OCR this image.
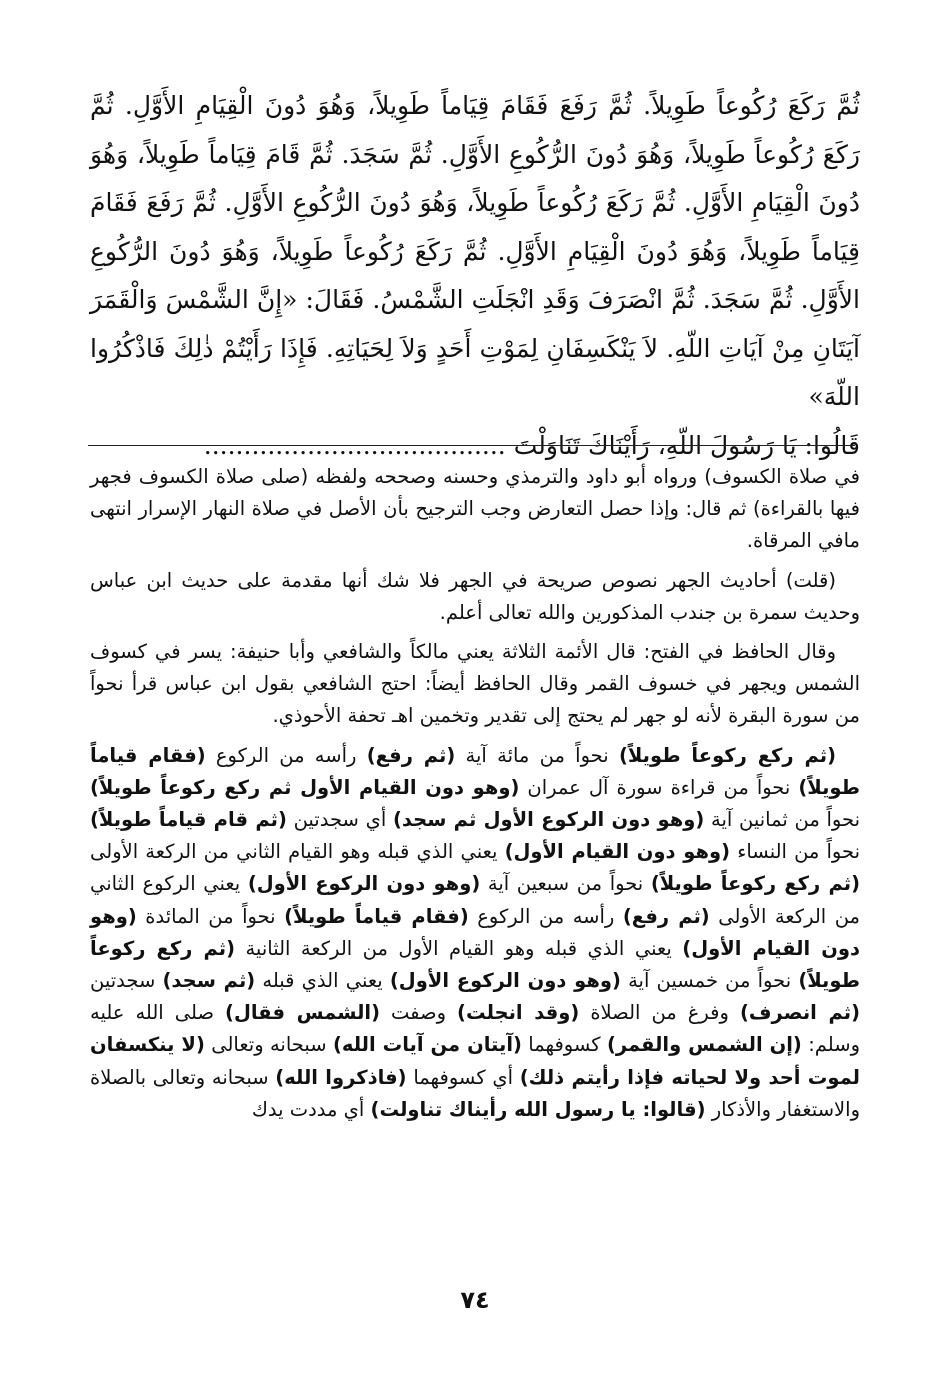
ثُمَّ رَكَعَ رُكُوعاً طَوِيلاً. ثُمَّ رَفَعَ فَقَامَ قِيَاماً طَوِيلاً، وَهُوَ دُونَ الْقِيَامِ الأَوَّلِ. ثُمَّ رَكَعَ رُكُوعاً طَوِيلاً، وَهُوَ دُونَ الرُّكُوعِ الأَوَّلِ. ثُمَّ سَجَدَ. ثُمَّ قَامَ قِيَاماً طَوِيلاً، وَهُوَ دُونَ الْقِيَامِ الأَوَّلِ. ثُمَّ رَكَعَ رُكُوعاً طَوِيلاً، وَهُوَ دُونَ الرُّكُوعِ الأَوَّلِ. ثُمَّ رَفَعَ فَقَامَ قِيَاماً طَوِيلاً، وَهُوَ دُونَ الْقِيَامِ الأَوَّلِ. ثُمَّ رَكَعَ رُكُوعاً طَوِيلاً، وَهُوَ دُونَ الرُّكُوعِ الأَوَّلِ. ثُمَّ سَجَدَ. ثُمَّ انْصَرَفَ وَقَدِ انْجَلَتِ الشَّمْسُ. فَقَالَ: «إِنَّ الشَّمْسَ وَالْقَمَرَ آيَتَانِ مِنْ آيَاتِ اللّهِ. لاَ يَنْكَسِفَانِ لِمَوْتِ أَحَدٍ وَلاَ لِحَيَاتِهِ. فَإِذَا رَأَيْتُمْ ذٰلِكَ فَاذْكُرُوا اللّهَ»

قَالُوا: يَا رَسُولَ اللّهِ، رَأَيْنَاكَ تَنَاوَلْتَ ......................................

في صلاة الكسوف) ورواه أبو داود والترمذي وحسنه وصححه ولفظه (صلى صلاة الكسوف فجهر فيها بالقراءة) ثم قال: وإذا حصل التعارض وجب الترجيح بأن الأصل في صلاة النهار الإسرار انتهى مافي المرقاة.

(قلت) أحاديث الجهر نصوص صريحة في الجهر فلا شك أنها مقدمة على حديث ابن عباس وحديث سمرة بن جندب المذكورين والله تعالى أعلم.

وقال الحافظ في الفتح: قال الأئمة الثلاثة يعني مالكاً والشافعي وأبا حنيفة: يسر في كسوف الشمس ويجهر في خسوف القمر وقال الحافظ أيضاً: احتج الشافعي بقول ابن عباس قرأ نحواً من سورة البقرة لأنه لو جهر لم يحتج إلى تقدير وتخمين اهـ تحفة الأحوذي.

(ثم ركع ركوعاً طويلاً) نحواً من مائة آية (ثم رفع) رأسه من الركوع (فقام قياماً طويلاً) نحواً من قراءة سورة آل عمران (وهو دون القيام الأول ثم ركع ركوعاً طويلاً) نحواً من ثمانين آية (وهو دون الركوع الأول ثم سجد) أي سجدتين (ثم قام قياماً طويلاً) نحواً من النساء (وهو دون القيام الأول) يعني الذي قبله وهو القيام الثاني من الركعة الأولى (ثم ركع ركوعاً طويلاً) نحواً من سبعين آية (وهو دون الركوع الأول) يعني الركوع الثاني من الركعة الأولى (ثم رفع) رأسه من الركوع (فقام قياماً طويلاً) نحواً من المائدة (وهو دون القيام الأول) يعني الذي قبله وهو القيام الأول من الركعة الثانية (ثم ركع ركوعاً طويلاً) نحواً من خمسين آية (وهو دون الركوع الأول) يعني الذي قبله (ثم سجد) سجدتين (ثم انصرف) وفرغ من الصلاة (وقد انجلت) وصفت (الشمس فقال) صلى الله عليه وسلم: (إن الشمس والقمر) كسوفهما (آيتان من آيات الله) سبحانه وتعالى (لا ينكسفان لموت أحد ولا لحياته فإذا رأيتم ذلك) أي كسوفهما (فاذكروا الله) سبحانه وتعالى بالصلاة والاستغفار والأذكار (قالوا: يا رسول الله رأيناك تناولت) أي مددت يدك

٧٤
